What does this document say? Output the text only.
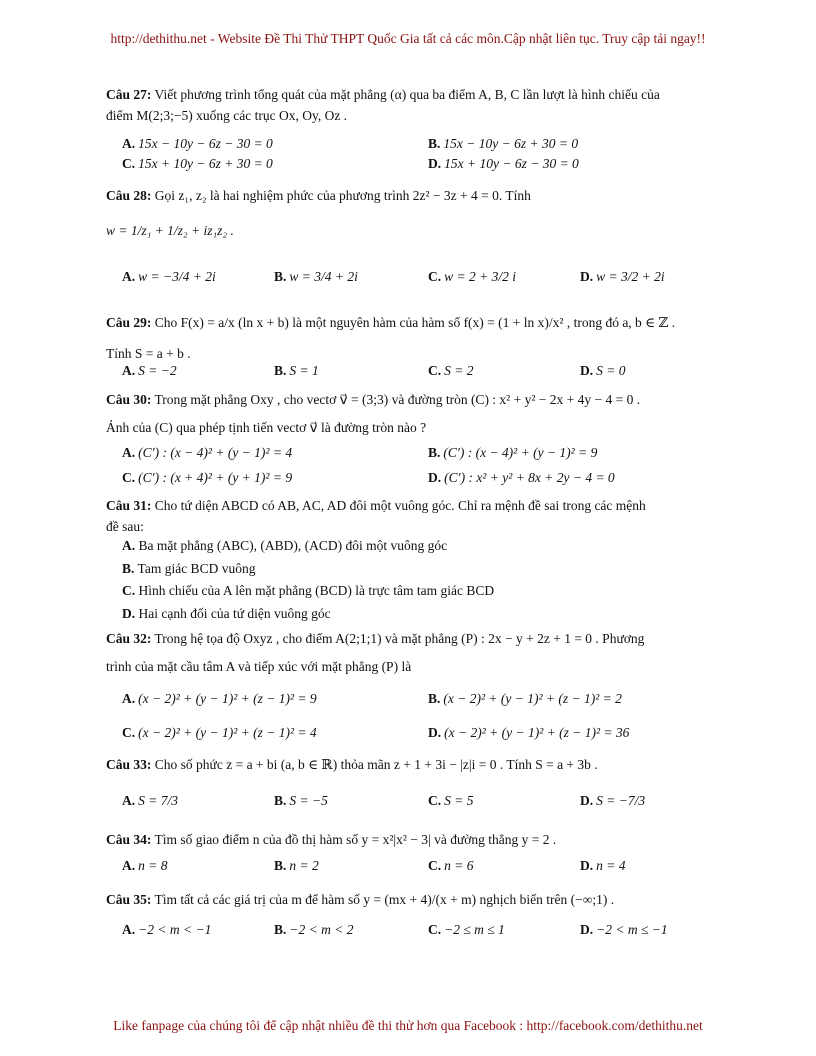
http://dethithu.net - Website Đề Thi Thử THPT Quốc Gia tất cả các môn.Cập nhật liên tục. Truy cập tải ngay!!
Câu 27: Viết phương trình tổng quát của mặt phẳng (α) qua ba điểm A, B, C lần lượt là hình chiếu của
điểm M(2;3;−5) xuống các trục Ox, Oy, Oz .
A. 15x − 10y − 6z − 30 = 0	B. 15x − 10y − 6z + 30 = 0
C. 15x + 10y − 6z + 30 = 0	D. 15x + 10y − 6z − 30 = 0
Câu 28: Gọi z₁, z₂ là hai nghiệm phức của phương trình 2z² − 3z + 4 = 0. Tính
w = 1/z₁ + 1/z₂ + iz₁z₂ .
A. w = −3/4 + 2i	B. w = 3/4 + 2i	C. w = 2 + 3/2 i	D. w = 3/2 + 2i
Câu 29: Cho F(x) = a/x (ln x + b) là một nguyên hàm của hàm số f(x) = (1 + ln x)/x² , trong đó a, b ∈ ℤ .
Tính S = a + b .
A. S = −2	B. S = 1	C. S = 2	D. S = 0
Câu 30: Trong mặt phẳng Oxy , cho vectơ v⃗ = (3;3) và đường tròn (C) : x² + y² − 2x + 4y − 4 = 0 .
Ảnh của (C) qua phép tịnh tiến vectơ v⃗ là đường tròn nào ?
A. (C′) : (x − 4)² + (y − 1)² = 4	B. (C′) : (x − 4)² + (y − 1)² = 9
C. (C′) : (x + 4)² + (y + 1)² = 9	D. (C′) : x² + y² + 8x + 2y − 4 = 0
Câu 31: Cho tứ diện ABCD có AB, AC, AD đôi một vuông góc. Chỉ ra mệnh đề sai trong các mệnh
đề sau:
A. Ba mặt phẳng (ABC), (ABD), (ACD) đôi một vuông góc
B. Tam giác BCD vuông
C. Hình chiếu của A lên mặt phẳng (BCD) là trực tâm tam giác BCD
D. Hai cạnh đối của tứ diện vuông góc
Câu 32: Trong hệ tọa độ Oxyz , cho điểm A(2;1;1) và mặt phẳng (P) : 2x − y + 2z + 1 = 0 . Phương
trình của mặt cầu tâm A và tiếp xúc với mặt phẳng (P) là
A. (x − 2)² + (y − 1)² + (z − 1)² = 9	B. (x − 2)² + (y − 1)² + (z − 1)² = 2
C. (x − 2)² + (y − 1)² + (z − 1)² = 4	D. (x − 2)² + (y − 1)² + (z − 1)² = 36
Câu 33: Cho số phức z = a + bi (a, b ∈ ℝ) thỏa mãn z + 1 + 3i − |z|i = 0 . Tính S = a + 3b .
A. S = 7/3	B. S = −5	C. S = 5	D. S = −7/3
Câu 34: Tìm số giao điểm n của đồ thị hàm số y = x²|x² − 3| và đường thẳng y = 2 .
A. n = 8	B. n = 2	C. n = 6	D. n = 4
Câu 35: Tìm tất cả các giá trị của m để hàm số y = (mx + 4)/(x + m) nghịch biến trên (−∞;1) .
A. −2 < m < −1	B. −2 < m < 2	C. −2 ≤ m ≤ 1	D. −2 < m ≤ −1
Like fanpage của chúng tôi để cập nhật nhiều đề thi thử hơn qua Facebook : http://facebook.com/dethithu.net
